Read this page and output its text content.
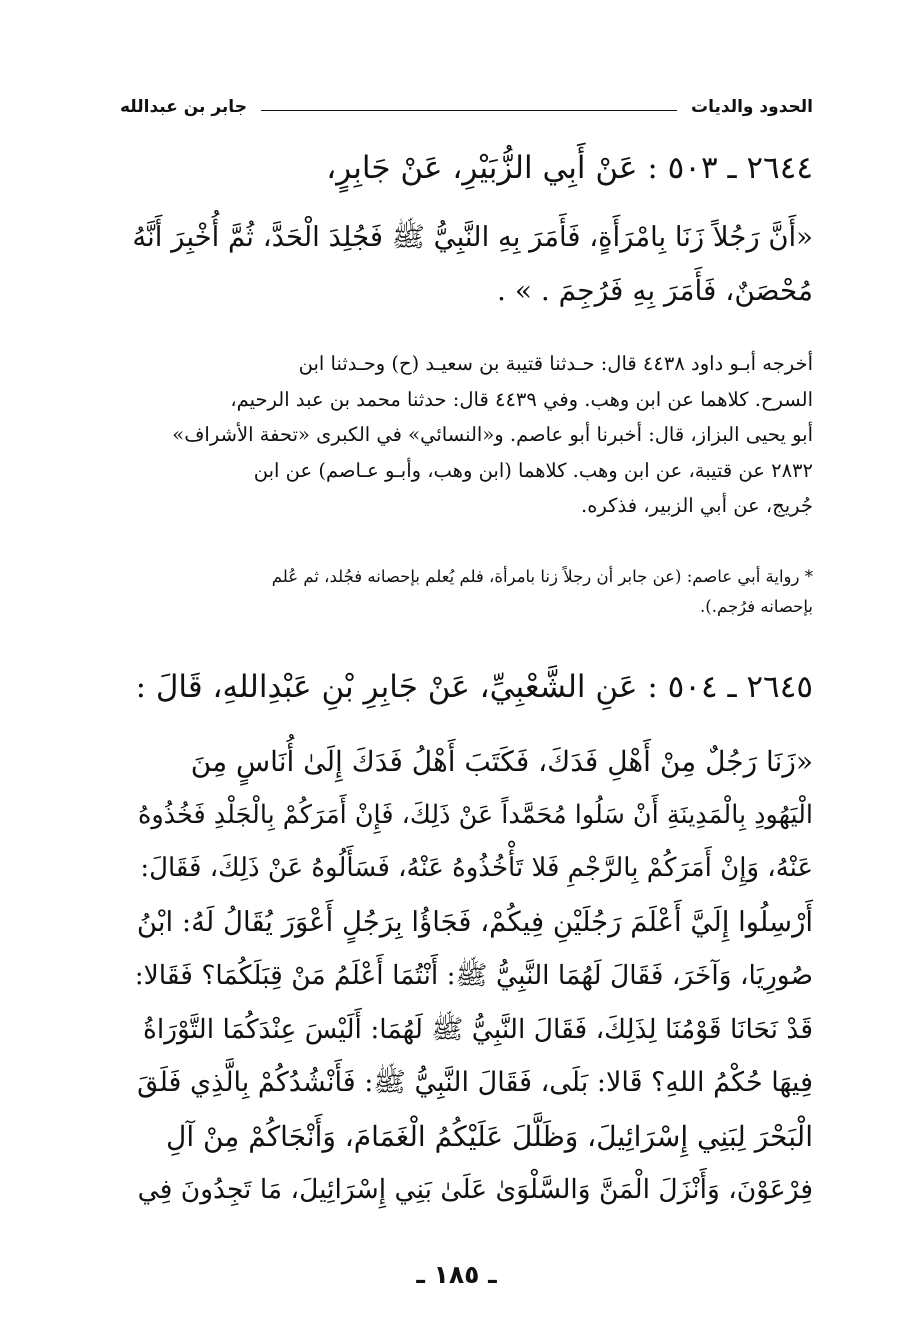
الحدود والديات
جابر بن عبدالله
٢٦٤٤ ـ ٥٠٣ : عَنْ أَبِي الزُّبَيْرِ، عَنْ جَابِرٍ،
«أَنَّ رَجُلاً زَنَا بِامْرَأَةٍ، فَأَمَرَ بِهِ النَّبِيُّ ﷺ فَجُلِدَ الْحَدَّ، ثُمَّ أُخْبِرَ أَنَّهُ
مُحْصَنٌ، فَأَمَرَ بِهِ فَرُجِمَ . » .
أخرجه أبـو داود ٤٤٣٨ قال: حـدثنا قتيبة بن سعيـد (ح) وحـدثنا ابن
السرح. كلاهما عن ابن وهب. وفي ٤٤٣٩ قال: حدثنا محمد بن عبد الرحيم،
أبو يحيى البزاز، قال: أخبرنا أبو عاصم. و«النسائي» في الكبرى «تحفة الأشراف»
٢٨٣٢ عن قتيبة، عن ابن وهب. كلاهما (ابن وهب، وأبـو عـاصم) عن ابن
جُريج، عن أبي الزبير، فذكره.
* رواية أبي عاصم: (عن جابر أن رجلاً زنا بامرأة، فلم يُعلم بإحصانه فجُلد، ثم عُلم
بإحصانه فرُجم.).
٢٦٤٥ ـ ٥٠٤ : عَنِ الشَّعْبِيِّ، عَنْ جَابِرِ بْنِ عَبْدِاللهِ، قَالَ :
«زَنَا رَجُلٌ مِنْ أَهْلِ فَدَكَ، فَكَتَبَ أَهْلُ فَدَكَ إِلَىٰ أُنَاسٍ مِنَ
الْيَهُودِ بِالْمَدِينَةِ أَنْ سَلُوا مُحَمَّداً عَنْ ذَلِكَ، فَإِنْ أَمَرَكُمْ بِالْجَلْدِ فَخُذُوهُ
عَنْهُ، وَإِنْ أَمَرَكُمْ بِالرَّجْمِ فَلا تَأْخُذُوهُ عَنْهُ، فَسَأَلُوهُ عَنْ ذَلِكَ، فَقَالَ:
أَرْسِلُوا إِلَيَّ أَعْلَمَ رَجُلَيْنِ فِيكُمْ، فَجَاؤُا بِرَجُلٍ أَعْوَرَ يُقَالُ لَهُ: ابْنُ
صُورِيَا، وَآخَرَ، فَقَالَ لَهُمَا النَّبِيُّ ﷺ: أَنْتُمَا أَعْلَمُ مَنْ قِبَلَكُمَا؟ فَقَالا:
قَدْ نَحَانَا قَوْمُنَا لِذَلِكَ، فَقَالَ النَّبِيُّ ﷺ لَهُمَا: أَلَيْسَ عِنْدَكُمَا التَّوْرَاةُ
فِيهَا حُكْمُ اللهِ؟ قَالا: بَلَى، فَقَالَ النَّبِيُّ ﷺ: فَأَنْشُدُكُمْ بِالَّذِي فَلَقَ
الْبَحْرَ لِبَنِي إِسْرَائِيلَ، وَظَلَّلَ عَلَيْكُمُ الْغَمَامَ، وَأَنْجَاكُمْ مِنْ آلِ
فِرْعَوْنَ، وَأَنْزَلَ الْمَنَّ وَالسَّلْوَىٰ عَلَىٰ بَنِي إِسْرَائِيلَ، مَا تَجِدُونَ فِي
ـ ١٨٥ ـ
